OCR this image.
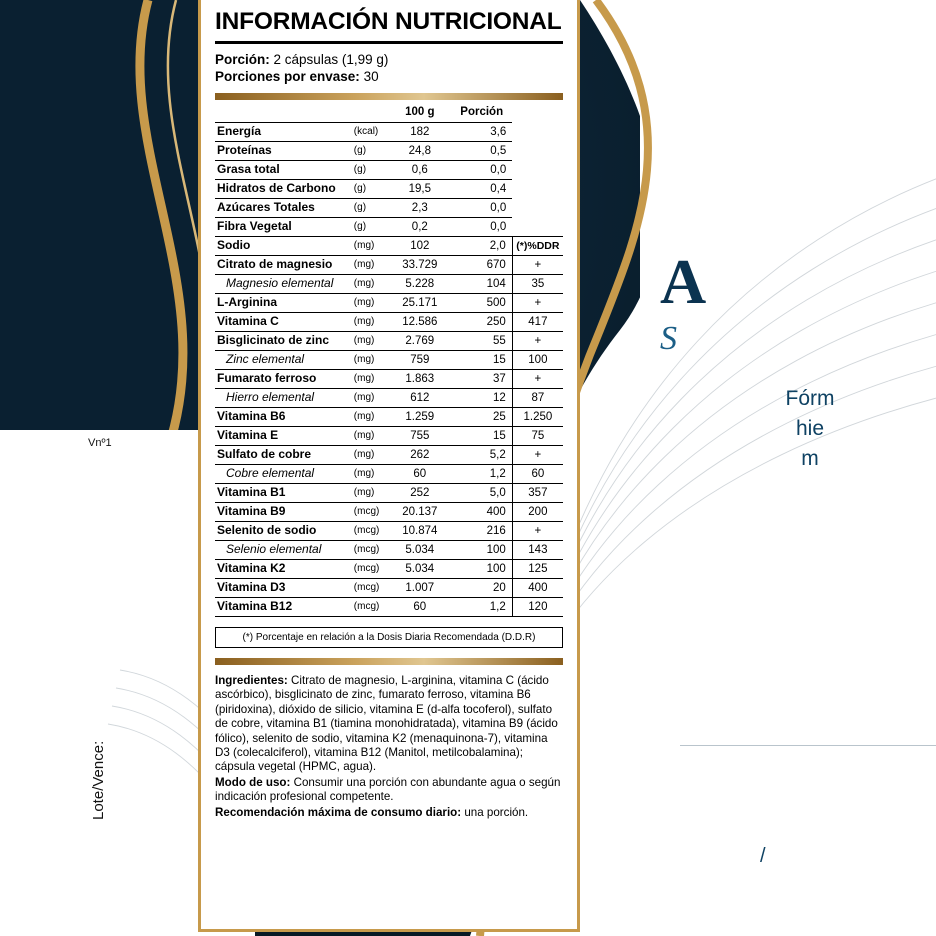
Vnº1
Lote/Vence:
A
S
Fórm
hie
m
/
INFORMACIÓN NUTRICIONAL
Porción: 2 cápsulas (1,99 g)
Porciones por envase: 30
		100 g	Porción	
Energía	(kcal)	182	3,6	
Proteínas	(g)	24,8	0,5	
Grasa total	(g)	0,6	0,0	
Hidratos de Carbono	(g)	19,5	0,4	
Azúcares Totales	(g)	2,3	0,0	
Fibra Vegetal	(g)	0,2	0,0	
Sodio	(mg)	102	2,0	(*)%DDR
Citrato de magnesio	(mg)	33.729	670	+
Magnesio elemental	(mg)	5.228	104	35
L-Arginina	(mg)	25.171	500	+
Vitamina C	(mg)	12.586	250	417
Bisglicinato de zinc	(mg)	2.769	55	+
Zinc elemental	(mg)	759	15	100
Fumarato ferroso	(mg)	1.863	37	+
Hierro elemental	(mg)	612	12	87
Vitamina B6	(mg)	1.259	25	1.250
Vitamina E	(mg)	755	15	75
Sulfato de cobre	(mg)	262	5,2	+
Cobre elemental	(mg)	60	1,2	60
Vitamina B1	(mg)	252	5,0	357
Vitamina B9	(mcg)	20.137	400	200
Selenito de sodio	(mcg)	10.874	216	+
Selenio elemental	(mcg)	5.034	100	143
Vitamina K2	(mcg)	5.034	100	125
Vitamina D3	(mcg)	1.007	20	400
Vitamina B12	(mcg)	60	1,2	120
(*) Porcentaje en relación a la Dosis Diaria Recomendada (D.D.R)

Ingredientes: Citrato de magnesio, L-arginina, vitamina C (ácido ascórbico), bisglicinato de zinc, fumarato ferroso, vitamina B6 (piridoxina), dióxido de silicio, vitamina E (d-alfa tocoferol), sulfato de cobre, vitamina B1 (tiamina monohidratada), vitamina B9 (ácido fólico), selenito de sodio, vitamina K2 (menaquinona-7), vitamina D3 (colecalciferol), vitamina B12 (Manitol, metilcobalamina); cápsula vegetal (HPMC, agua).

Modo de uso: Consumir una porción con abundante agua o según indicación profesional competente.

Recomendación máxima de consumo diario: una porción.
